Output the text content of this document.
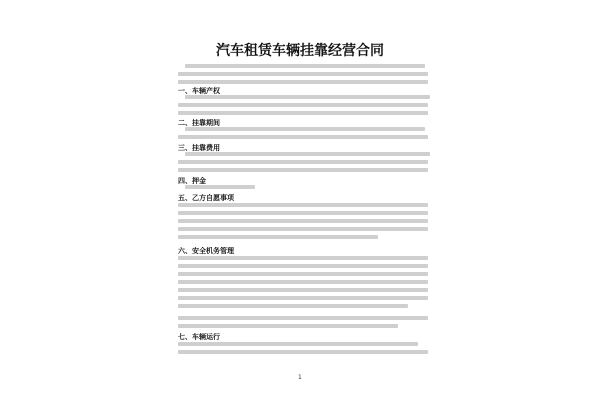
汽车租赁车辆挂靠经营合同
一、车辆产权
二、挂靠期间
三、挂靠费用
四、押金
五、乙方自愿事项
六、安全机务管理
七、车辆运行
1
